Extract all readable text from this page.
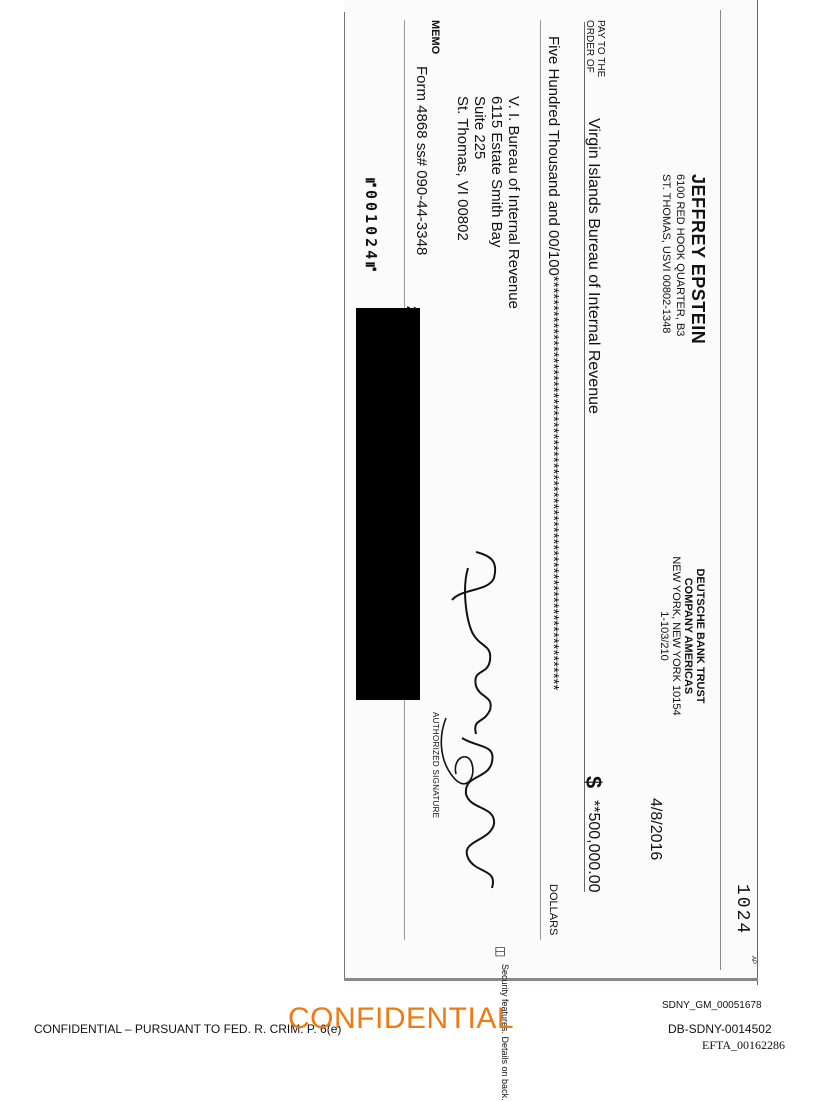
1024
AP
JEFFREY EPSTEIN
6100 RED HOOK QUARTER, B3
ST. THOMAS, USVI 00802-1348
DEUTSCHE BANK TRUST
COMPANY AMERICAS
NEW YORK, NEW YORK 10154
1-103/210
4/8/2016
PAY TO THE
ORDER OF
Virgin Islands Bureau of Internal Revenue
$
**500,000.00
Five Hundred Thousand and 00/100***********************************************************************
DOLLARS
V. I. Bureau of Internal Revenue
6115 Estate Smith Bay
Suite 225
St. Thomas, VI 00802
MEMO
Form 4868 ss# 090-44-3348
⑈001024⑈
AUTHORIZED SIGNATURE
◫
Security features. Details on back.
CONFIDENTIAL – PURSUANT TO FED. R. CRIM. P. 6(e)
CONFIDENTIAL	SDNY_GM_00051678
DB-SDNY-0014502
EFTA_00162286
